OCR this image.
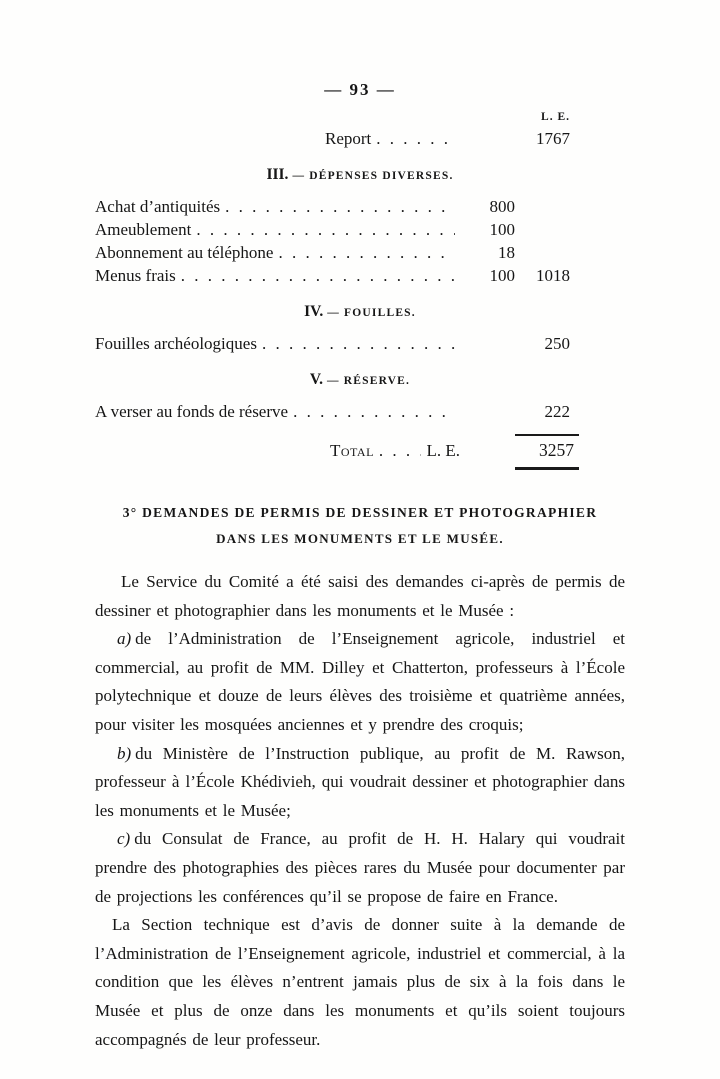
— 93 —
L. E.
Report . . .	1767
III. — DÉPENSES DIVERSES.
Achat d’antiquités . . .	800
Ameublement . . .	100
Abonnement au téléphone . . .	18
Menus frais . . .	100	1018
IV. — FOUILLES.
Fouilles archéologiques . . .	250
V. — RÉSERVE.
A verser au fonds de réserve . . .	222
Total . . .	L. E.	3257
3° DEMANDES DE PERMIS DE DESSINER ET PHOTOGRAPHIER
DANS LES MONUMENTS ET LE MUSÉE.

Le Service du Comité a été saisi des demandes ci-après de permis de dessiner et photographier dans les monuments et le Musée :

a) de l’Administration de l’Enseignement agricole, industriel et commercial, au profit de MM. Dilley et Chatterton, professeurs à l’École polytechnique et douze de leurs élèves des troisième et quatrième années, pour visiter les mosquées anciennes et y prendre des croquis;

b) du Ministère de l’Instruction publique, au profit de M. Rawson, professeur à l’École Khédivieh, qui voudrait dessiner et photographier dans les monuments et le Musée;

c) du Consulat de France, au profit de H. H. Halary qui voudrait prendre des photographies des pièces rares du Musée pour documenter par de projections les conférences qu’il se propose de faire en France.

La Section technique est d’avis de donner suite à la demande de l’Administration de l’Enseignement agricole, industriel et commercial, à la condition que les élèves n’entrent jamais plus de six à la fois dans le Musée et plus de onze dans les monuments et qu’ils soient toujours accompagnés de leur professeur.
